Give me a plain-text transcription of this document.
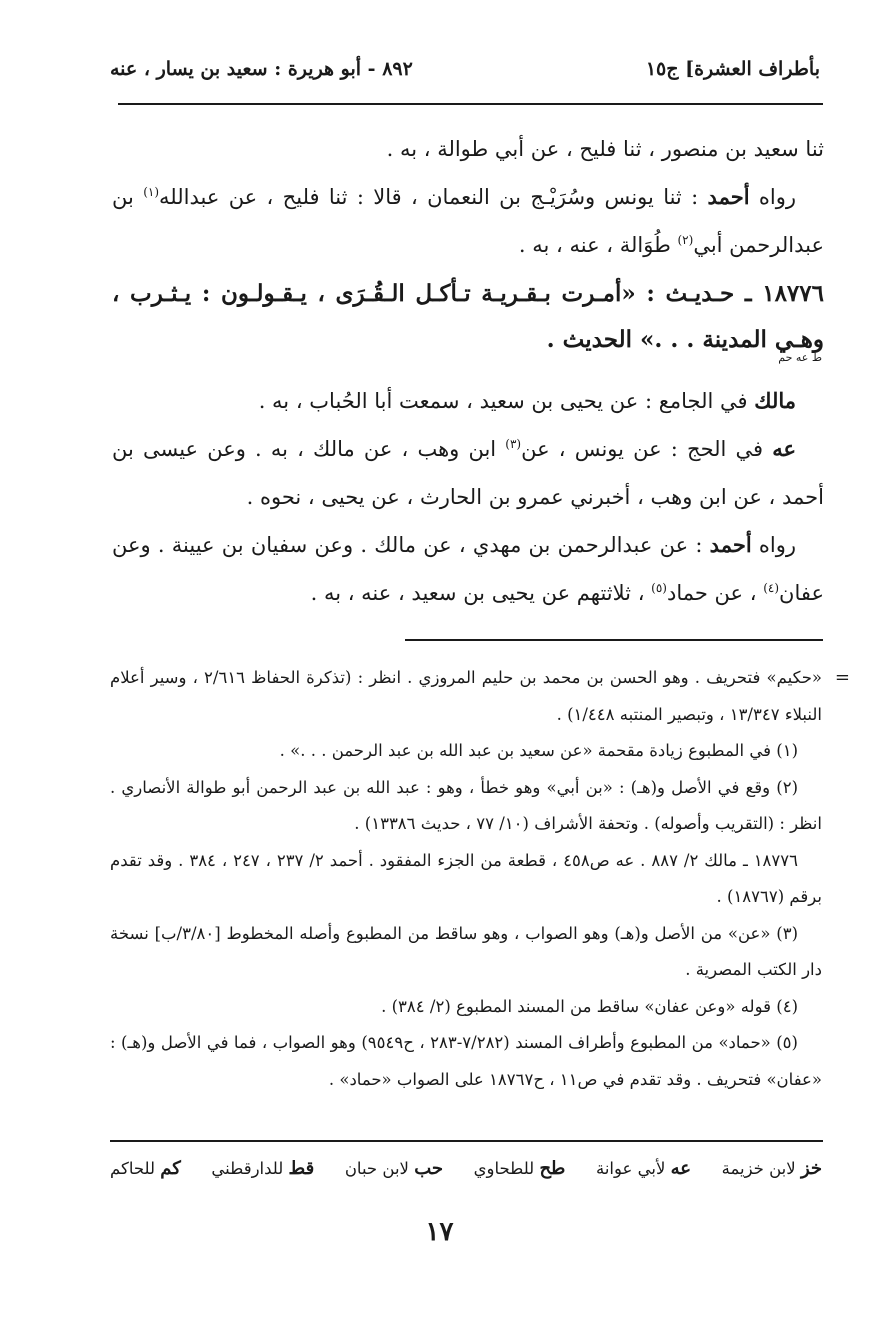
بأطراف العشرة] ج١٥
٨٩٢ - أبو هريرة : سعيد بن يسار ، عنه

ثنا سعيد بن منصور ، ثنا فليح ، عن أبي طوالة ، به .

رواه أحمد : ثنا يونس وسُرَيْـج بن النعمان ، قالا : ثنا فليح ، عن عبدالله$^{(١)}$ بن عبدالرحمن أبي$^{(٢)}$ طُوَالة ، عنه ، به .

١٨٧٧٦ ـ حـديـث : «أمـرت بـقـريـة تـأكـل الـقُـرَى ، يـقـولـون : يـثـرب ، وهـي المدينة . . .» الحديث .

ط عه حم

مالك في الجامع : عن يحيى بن سعيد ، سمعت أبا الحُباب ، به .

عه في الحج : عن يونس ، عن$^{(٣)}$ ابن وهب ، عن مالك ، به . وعن عيسى بن أحمد ، عن ابن وهب ، أخبرني عمرو بن الحارث ، عن يحيى ، نحوه .

رواه أحمد : عن عبدالرحمن بن مهدي ، عن مالك . وعن سفيان بن عيينة . وعن عفان$^{(٤)}$ ، عن حماد$^{(٥)}$ ، ثلاثتهم عن يحيى بن سعيد ، عنه ، به .

=

«حكيم» فتحريف . وهو الحسن بن محمد بن حليم المروزي . انظر : (تذكرة الحفاظ ٢/٦١٦ ، وسير أعلام النبلاء ١٣/٣٤٧ ، وتبصير المنتبه ١/٤٤٨) .

(١) في المطبوع زيادة مقحمة «عن سعيد بن عبد الله بن عبد الرحمن . . .» .

(٢) وقع في الأصل و(هـ) : «بن أبي» وهو خطأ ، وهو : عبد الله بن عبد الرحمن أبو طوالة الأنصاري . انظر : (التقريب وأصوله) . وتحفة الأشراف (١٠/ ٧٧ ، حديث ١٣٣٨٦) .

١٨٧٧٦ ـ مالك ٢/ ٨٨٧ . عه ص٤٥٨ ، قطعة من الجزء المفقود . أحمد ٢/ ٢٣٧ ، ٢٤٧ ، ٣٨٤ . وقد تقدم برقم (١٨٧٦٧) .

(٣) «عن» من الأصل و(هـ) وهو الصواب ، وهو ساقط من المطبوع وأصله المخطوط [٣/٨٠/ب] نسخة دار الكتب المصرية .

(٤) قوله «وعن عفان» ساقط من المسند المطبوع (٢/ ٣٨٤) .

(٥) «حماد» من المطبوع وأطراف المسند (٧/٢٨٢-٢٨٣ ، ح٩٥٤٩) وهو الصواب ، فما في الأصل و(هـ) : «عفان» فتحريف . وقد تقدم في ص١١ ، ح١٨٧٦٧ على الصواب «حماد» .

خز لابن خزيمة
عه لأبي عوانة
طح للطحاوي
حب لابن حبان
قط للدارقطني
كم للحاكم
١٧
